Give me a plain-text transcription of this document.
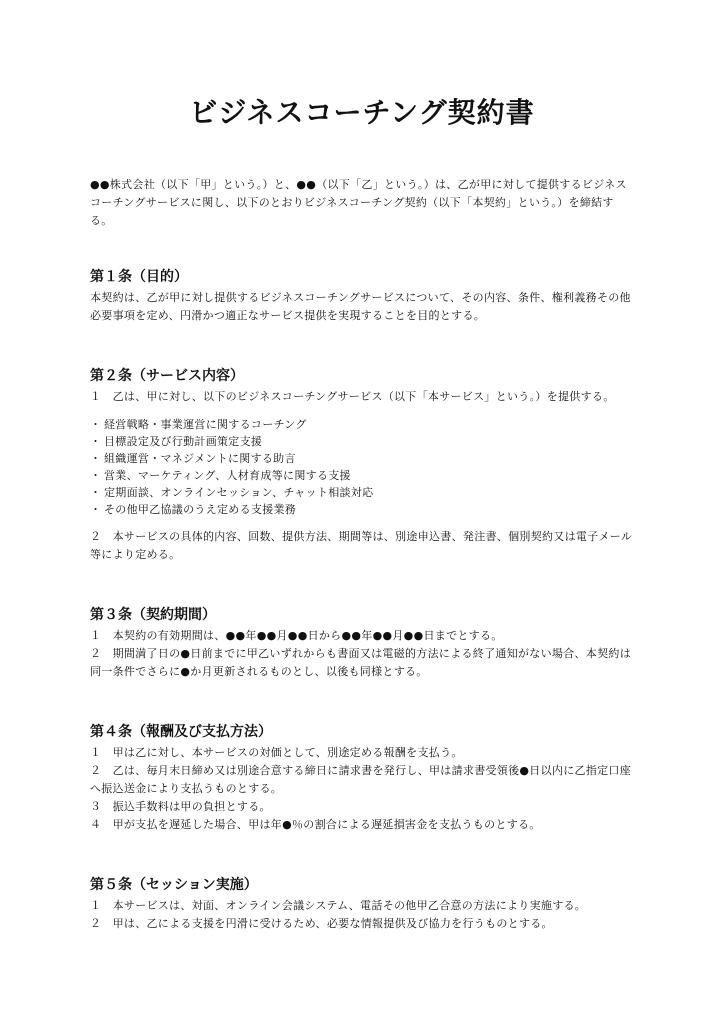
ビジネスコーチング契約書

●●株式会社（以下「甲」という。）と、●●（以下「乙」という。）は、乙が甲に対して提供するビジネスコーチングサービスに関し、以下のとおりビジネスコーチング契約（以下「本契約」という。）を締結する。

第１条（目的）

本契約は、乙が甲に対し提供するビジネスコーチングサービスについて、その内容、条件、権利義務その他必要事項を定め、円滑かつ適正なサービス提供を実現することを目的とする。

第２条（サービス内容）

１　乙は、甲に対し、以下のビジネスコーチングサービス（以下「本サービス」という。）を提供する。

・ 経営戦略・事業運営に関するコーチング
・ 目標設定及び行動計画策定支援
・ 組織運営・マネジメントに関する助言
・ 営業、マーケティング、人材育成等に関する支援
・ 定期面談、オンラインセッション、チャット相談対応
・ その他甲乙協議のうえ定める支援業務

２　本サービスの具体的内容、回数、提供方法、期間等は、別途申込書、発注書、個別契約又は電子メール等により定める。

第３条（契約期間）

１　本契約の有効期間は、●●年●●月●●日から●●年●●月●●日までとする。

２　期間満了日の●日前までに甲乙いずれからも書面又は電磁的方法による終了通知がない場合、本契約は同一条件でさらに●か月更新されるものとし、以後も同様とする。

第４条（報酬及び支払方法）

１　甲は乙に対し、本サービスの対価として、別途定める報酬を支払う。

２　乙は、毎月末日締め又は別途合意する締日に請求書を発行し、甲は請求書受領後●日以内に乙指定口座へ振込送金により支払うものとする。

３　振込手数料は甲の負担とする。

４　甲が支払を遅延した場合、甲は年●％の割合による遅延損害金を支払うものとする。

第５条（セッション実施）

１　本サービスは、対面、オンライン会議システム、電話その他甲乙合意の方法により実施する。

２　甲は、乙による支援を円滑に受けるため、必要な情報提供及び協力を行うものとする。
